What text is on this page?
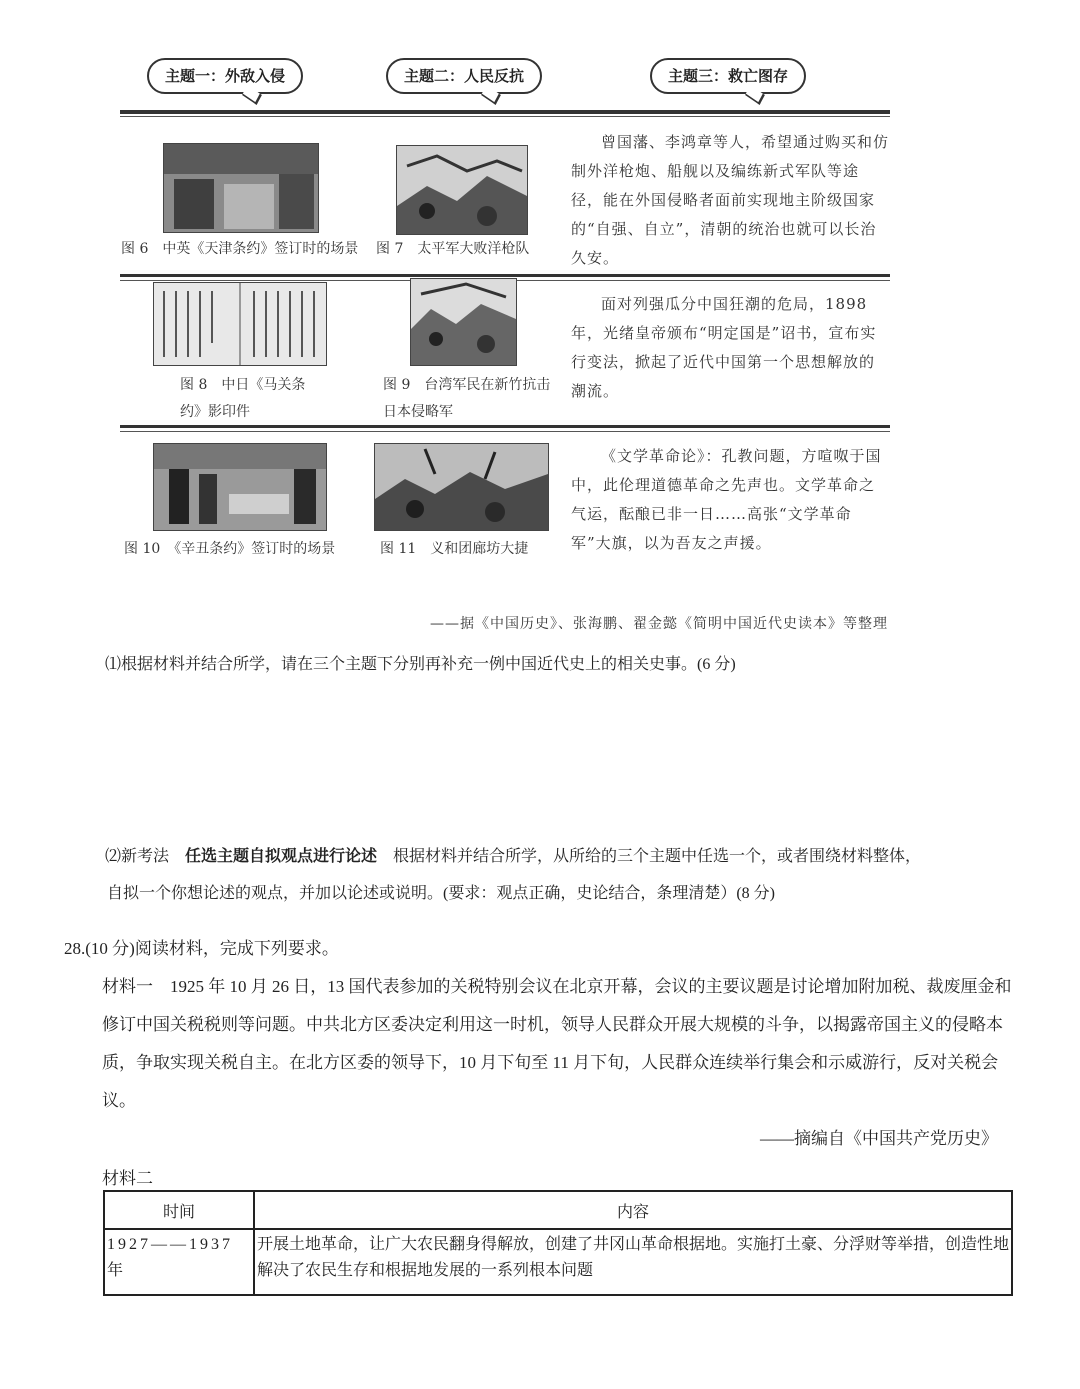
主题一：外敌入侵	主题二：人民反抗	主题三：救亡图存
图 6　中英《天津条约》签订时的场景	图 7　太平军大败洋枪队
曾国藩、李鸿章等人，希望通过购买和仿制外洋枪炮、船舰以及编练新式军队等途径，能在外国侵略者面前实现地主阶级国家的“自强、自立”，清朝的统治也就可以长治久安。
图 8　中日《马关条约》影印件
图 9　台湾军民在新竹抗击日本侵略军
面对列强瓜分中国狂潮的危局，1898年，光绪皇帝颁布“明定国是”诏书，宣布实行变法，掀起了近代中国第一个思想解放的潮流。
图 10　《辛丑条约》签订时的场景	图 11　义和团廊坊大捷
《文学革命论》：孔教问题，方喧呶于国中，此伦理道德革命之先声也。文学革命之气运，酝酿已非一日……高张“文学革命军”大旗，以为吾友之声援。
——据《中国历史》、张海鹏、翟金懿《简明中国近代史读本》等整理
⑴根据材料并结合所学，请在三个主题下分别再补充一例中国近代史上的相关史事。(6 分)
⑵新考法　任选主题自拟观点进行论述　根据材料并结合所学，从所给的三个主题中任选一个，或者围绕材料整体，
自拟一个你想论述的观点，并加以论述或说明。(要求：观点正确，史论结合，条理清楚）(8 分)
28.(10 分)阅读材料，完成下列要求。
材料一　1925 年 10 月 26 日，13 国代表参加的关税特别会议在北京开幕，会议的主要议题是讨论增加附加税、裁废厘金和修订中国关税税则等问题。中共北方区委决定利用这一时机，领导人民群众开展大规模的斗争，以揭露帝国主义的侵略本质，争取实现关税自主。在北方区委的领导下，10 月下旬至 11 月下旬，人民群众连续举行集会和示威游行，反对关税会议。
——摘编自《中国共产党历史》
材料二
时间	内容
1927——1937年	开展土地革命，让广大农民翻身得解放，创建了井冈山革命根据地。实施打土豪、分浮财等举措，创造性地解决了农民生存和根据地发展的一系列根本问题
